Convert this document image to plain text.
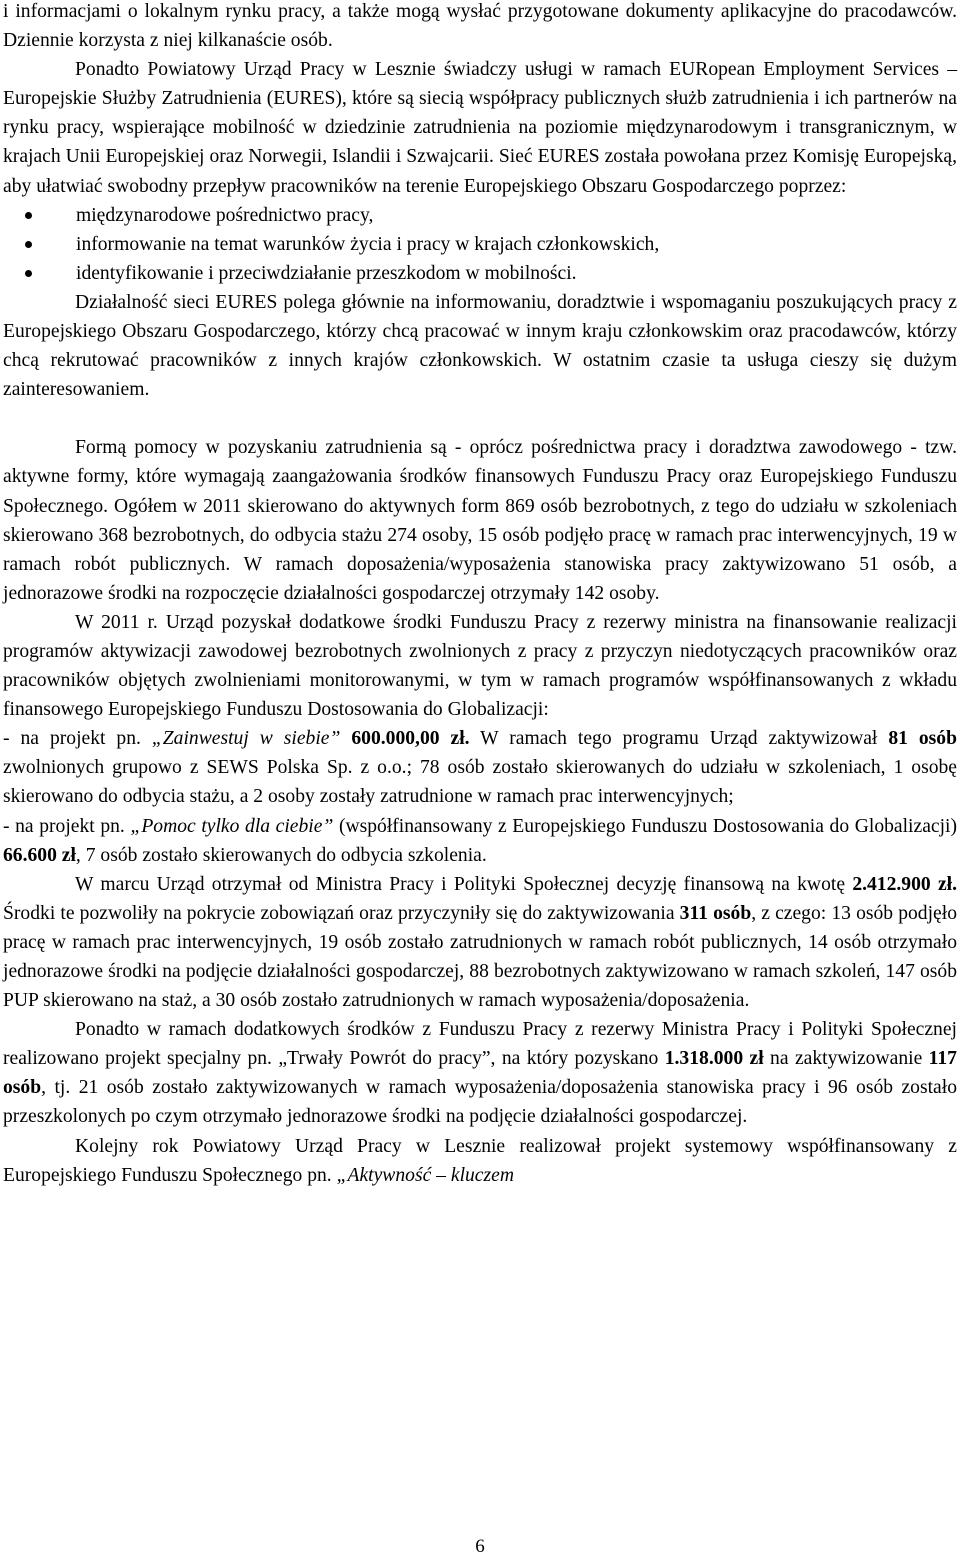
i informacjami o lokalnym rynku pracy, a także mogą wysłać przygotowane dokumenty aplikacyjne do pracodawców. Dziennie korzysta z niej kilkanaście osób.

Ponadto Powiatowy Urząd Pracy w Lesznie świadczy usługi w ramach EURopean Employment Services ‒ Europejskie Służby Zatrudnienia (EURES), które są siecią współpracy publicznych służb zatrudnienia i ich partnerów na rynku pracy, wspierające mobilność w dziedzinie zatrudnienia na poziomie międzynarodowym i transgranicznym, w krajach Unii Europejskiej oraz Norwegii, Islandii i Szwajcarii. Sieć EURES została powołana przez Komisję Europejską, aby ułatwiać swobodny przepływ pracowników na terenie Europejskiego Obszaru Gospodarczego poprzez:

międzynarodowe pośrednictwo pracy,
informowanie na temat warunków życia i pracy w krajach członkowskich,
identyfikowanie i przeciwdziałanie przeszkodom w mobilności.

Działalność sieci EURES polega głównie na informowaniu, doradztwie i wspomaganiu poszukujących pracy z Europejskiego Obszaru Gospodarczego, którzy chcą pracować w innym kraju członkowskim oraz pracodawców, którzy chcą rekrutować pracowników z innych krajów członkowskich. W ostatnim czasie ta usługa cieszy się dużym zainteresowaniem.

Formą pomocy w pozyskaniu zatrudnienia są - oprócz pośrednictwa pracy i doradztwa zawodowego - tzw. aktywne formy, które wymagają zaangażowania środków finansowych Funduszu Pracy oraz Europejskiego Funduszu Społecznego. Ogółem w 2011 skierowano do aktywnych form 869 osób bezrobotnych, z tego do udziału w szkoleniach skierowano 368 bezrobotnych, do odbycia stażu 274 osoby, 15 osób podjęło pracę w ramach prac interwencyjnych, 19 w ramach robót publicznych. W ramach doposażenia/wyposażenia stanowiska pracy zaktywizowano 51 osób, a jednorazowe środki na rozpoczęcie działalności gospodarczej otrzymały 142 osoby.

W 2011 r. Urząd pozyskał dodatkowe środki Funduszu Pracy z rezerwy ministra na finansowanie realizacji programów aktywizacji zawodowej bezrobotnych zwolnionych z pracy z przyczyn niedotyczących pracowników oraz pracowników objętych zwolnieniami monitorowanymi, w tym w ramach programów współfinansowanych z wkładu finansowego Europejskiego Funduszu Dostosowania do Globalizacji:

- na projekt pn. „Zainwestuj w siebie” 600.000,00 zł. W ramach tego programu Urząd zaktywizował 81 osób zwolnionych grupowo z SEWS Polska Sp. z o.o.; 78 osób zostało skierowanych do udziału w szkoleniach, 1 osobę skierowano do odbycia stażu, a 2 osoby zostały zatrudnione w ramach prac interwencyjnych;

- na projekt pn. „Pomoc tylko dla ciebie” (współfinansowany z Europejskiego Funduszu Dostosowania do Globalizacji) 66.600 zł, 7 osób zostało skierowanych do odbycia szkolenia.

W marcu Urząd otrzymał od Ministra Pracy i Polityki Społecznej decyzję finansową na kwotę 2.412.900 zł. Środki te pozwoliły na pokrycie zobowiązań oraz przyczyniły się do zaktywizowania 311 osób, z czego: 13 osób podjęło pracę w ramach prac interwencyjnych, 19 osób zostało zatrudnionych w ramach robót publicznych, 14 osób otrzymało jednorazowe środki na podjęcie działalności gospodarczej, 88 bezrobotnych zaktywizowano w ramach szkoleń, 147 osób PUP skierowano na staż, a 30 osób zostało zatrudnionych w ramach wyposażenia/doposażenia.

Ponadto w ramach dodatkowych środków z Funduszu Pracy z rezerwy Ministra Pracy i Polityki Społecznej realizowano projekt specjalny pn. „Trwały Powrót do pracy”, na który pozyskano 1.318.000 zł na zaktywizowanie 117 osób, tj. 21 osób zostało zaktywizowanych w ramach wyposażenia/doposażenia stanowiska pracy i 96 osób zostało przeszkolonych po czym otrzymało jednorazowe środki na podjęcie działalności gospodarczej.

Kolejny rok Powiatowy Urząd Pracy w Lesznie realizował projekt systemowy współfinansowany z Europejskiego Funduszu Społecznego pn. „Aktywność ‒ kluczem

6
